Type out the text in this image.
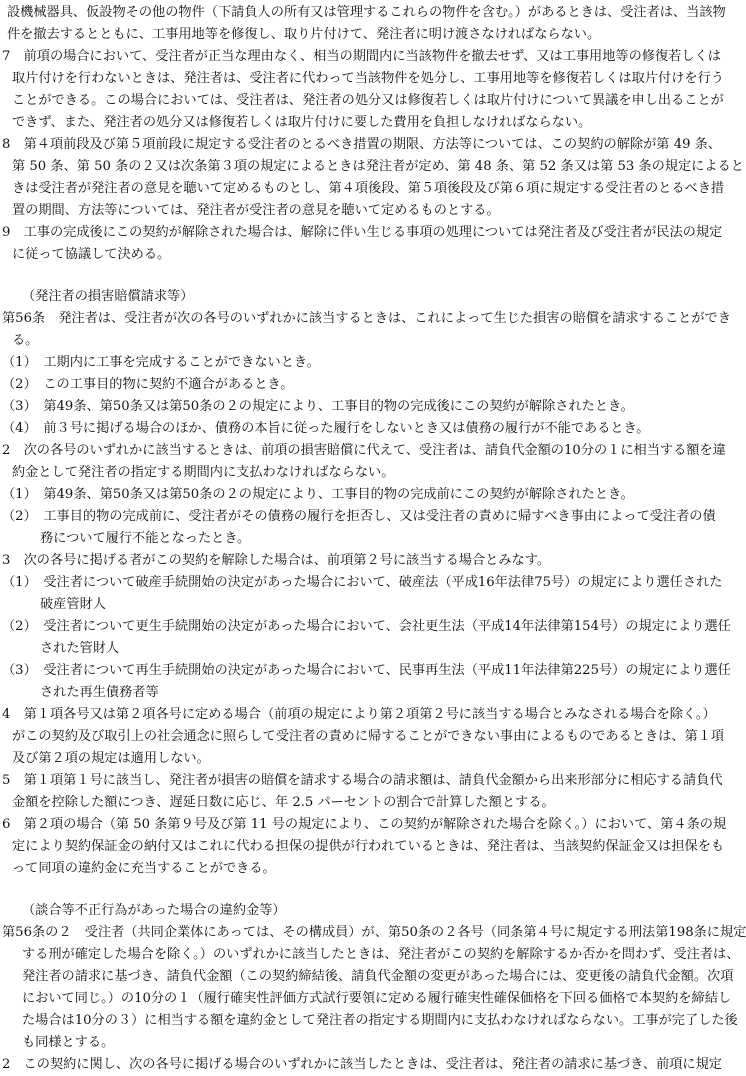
設機械器具、仮設物その他の物件（下請負人の所有又は管理するこれらの物件を含む。）があるときは、受注者は、当該物
件を撤去するとともに、工事用地等を修復し、取り片付けて、発注者に明け渡さなければならない。
7　前項の場合において、受注者が正当な理由なく、相当の期間内に当該物件を撤去せず、又は工事用地等の修復若しくは
取片付けを行わないときは、発注者は、受注者に代わって当該物件を処分し、工事用地等を修復若しくは取片付けを行う
ことができる。この場合においては、受注者は、発注者の処分又は修復若しくは取片付けについて異議を申し出ることが
できず、また、発注者の処分又は修復若しくは取片付けに要した費用を負担しなければならない。
8　第４項前段及び第５項前段に規定する受注者のとるべき措置の期限、方法等については、この契約の解除が第 49 条、
第 50 条、第 50 条の２又は次条第３項の規定によるときは発注者が定め、第 48 条、第 52 条又は第 53 条の規定によると
きは受注者が発注者の意見を聴いて定めるものとし、第４項後段、第５項後段及び第６項に規定する受注者のとるべき措
置の期間、方法等については、発注者が受注者の意見を聴いて定めるものとする。
9　工事の完成後にこの契約が解除された場合は、解除に伴い生じる事項の処理については発注者及び受注者が民法の規定
に従って協議して決める。
（発注者の損害賠償請求等）
第56条　発注者は、受注者が次の各号のいずれかに該当するときは、これによって生じた損害の賠償を請求することができ
る。
（1）　工期内に工事を完成することができないとき。
（2）　この工事目的物に契約不適合があるとき。
（3）　第49条、第50条又は第50条の２の規定により、工事目的物の完成後にこの契約が解除されたとき。
（4）　前３号に掲げる場合のほか、債務の本旨に従った履行をしないとき又は債務の履行が不能であるとき。
2　次の各号のいずれかに該当するときは、前項の損害賠償に代えて、受注者は、請負代金額の10分の１に相当する額を違
約金として発注者の指定する期間内に支払わなければならない。
（1）　第49条、第50条又は第50条の２の規定により、工事目的物の完成前にこの契約が解除されたとき。
（2）　工事目的物の完成前に、受注者がその債務の履行を拒否し、又は受注者の責めに帰すべき事由によって受注者の債
務について履行不能となったとき。
3　次の各号に掲げる者がこの契約を解除した場合は、前項第２号に該当する場合とみなす。
（1）　受注者について破産手続開始の決定があった場合において、破産法（平成16年法律75号）の規定により選任された
破産管財人
（2）　受注者について更生手続開始の決定があった場合において、会社更生法（平成14年法律第154号）の規定により選任
された管財人
（3）　受注者について再生手続開始の決定があった場合において、民事再生法（平成11年法律第225号）の規定により選任
された再生債務者等
4　第１項各号又は第２項各号に定める場合（前項の規定により第２項第２号に該当する場合とみなされる場合を除く。）
がこの契約及び取引上の社会通念に照らして受注者の責めに帰することができない事由によるものであるときは、第１項
及び第２項の規定は適用しない。
5　第１項第１号に該当し、発注者が損害の賠償を請求する場合の請求額は、請負代金額から出来形部分に相応する請負代
金額を控除した額につき、遅延日数に応じ、年 2.5 パーセントの割合で計算した額とする。
6　第２項の場合（第 50 条第９号及び第 11 号の規定により、この契約が解除された場合を除く。）において、第４条の規
定により契約保証金の納付又はこれに代わる担保の提供が行われているときは、発注者は、当該契約保証金又は担保をも
って同項の違約金に充当することができる。
（談合等不正行為があった場合の違約金等）
第56条の２　受注者（共同企業体にあっては、その構成員）が、第50条の２各号（同条第４号に規定する刑法第198条に規定
する刑が確定した場合を除く。）のいずれかに該当したときは、発注者がこの契約を解除するか否かを問わず、受注者は、
発注者の請求に基づき、請負代金額（この契約締結後、請負代金額の変更があった場合には、変更後の請負代金額。次項
において同じ。）の10分の１（履行確実性評価方式試行要領に定める履行確実性確保価格を下回る価格で本契約を締結し
た場合は10分の３）に相当する額を違約金として発注者の指定する期間内に支払わなければならない。工事が完了した後
も同様とする。
2　この契約に関し、次の各号に掲げる場合のいずれかに該当したときは、受注者は、発注者の請求に基づき、前項に規定
